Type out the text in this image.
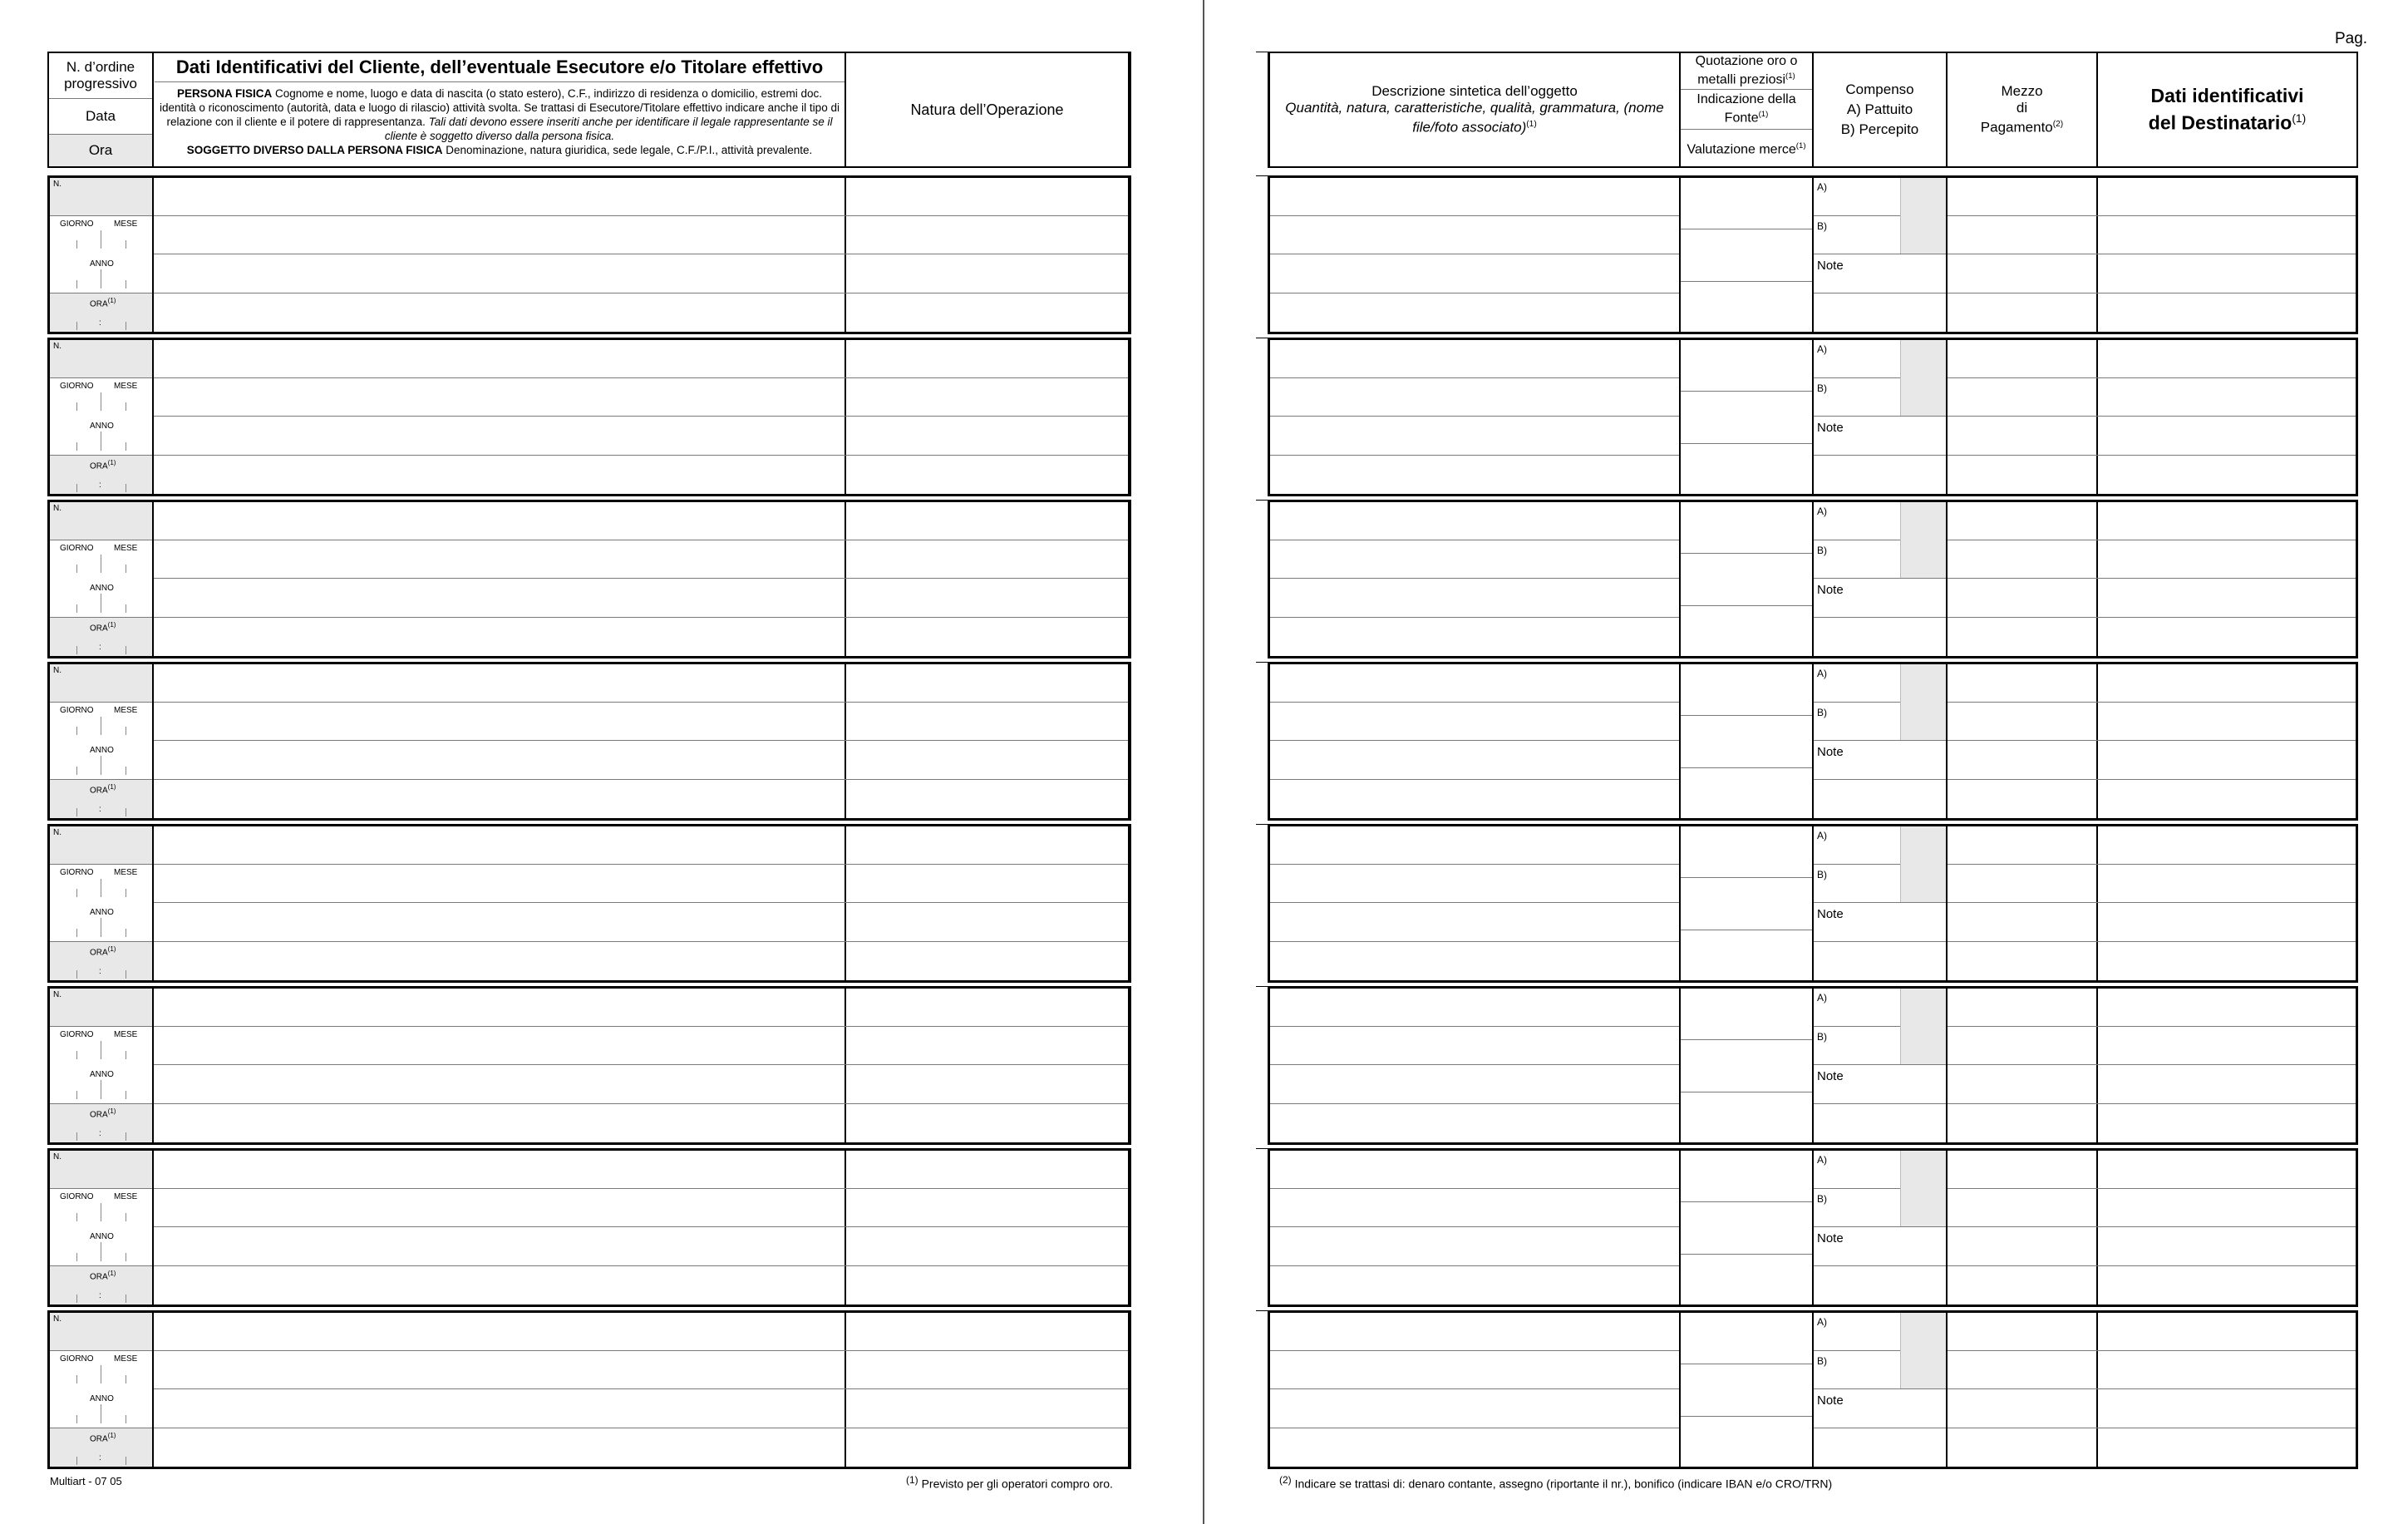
N. d’ordine progressivo
Data
Ora
Dati Identificativi del Cliente, dell’eventuale Esecutore e/o Titolare effettivo
PERSONA FISICA Cognome e nome, luogo e data di nascita (o stato estero), C.F., indirizzo di residenza o domicilio, estremi doc. identità o riconoscimento (autorità, data e luogo di rilascio) attività svolta. Se trattasi di Esecutore/Titolare effettivo indicare anche il tipo di relazione con il cliente e il potere di rappresentanza. Tali dati devono essere inseriti anche per identificare il legale rappresentante se il cliente è soggetto diverso dalla persona fisica.
SOGGETTO DIVERSO DALLA PERSONA FISICA Denominazione, natura giuridica, sede legale, C.F./P.I., attività prevalente.
Natura dell’Operazione
N.
GIORNO MESE
ANNO
ORA$^{(1)}$
:
N.
GIORNO MESE
ANNO
ORA$^{(1)}$
:
N.
GIORNO MESE
ANNO
ORA$^{(1)}$
:
N.
GIORNO MESE
ANNO
ORA$^{(1)}$
:
N.
GIORNO MESE
ANNO
ORA$^{(1)}$
:
N.
GIORNO MESE
ANNO
ORA$^{(1)}$
:
N.
GIORNO MESE
ANNO
ORA$^{(1)}$
:
N.
GIORNO MESE
ANNO
ORA$^{(1)}$
:
Multiart - 07 05	$^{(1)}$ Previsto per gli operatori compro oro.
Pag.
Descrizione sintetica dell’oggetto
Quantità, natura, caratteristiche, qualità, grammatura, (nome file/foto associato)$^{(1)}$
Quotazione oro o metalli preziosi$^{(1)}$
Indicazione della Fonte$^{(1)}$
Valutazione merce$^{(1)}$
Compenso
A) Pattuito
B) Percepito
Mezzo
di
Pagamento$^{(2)}$
Dati identificativi
del Destinatario$^{(1)}$
A)
B)
Note
A)
B)
Note
A)
B)
Note
A)
B)
Note
A)
B)
Note
A)
B)
Note
A)
B)
Note
A)
B)
Note
$^{(2)}$ Indicare se trattasi di: denaro contante, assegno (riportante il nr.), bonifico (indicare IBAN e/o CRO/TRN)
